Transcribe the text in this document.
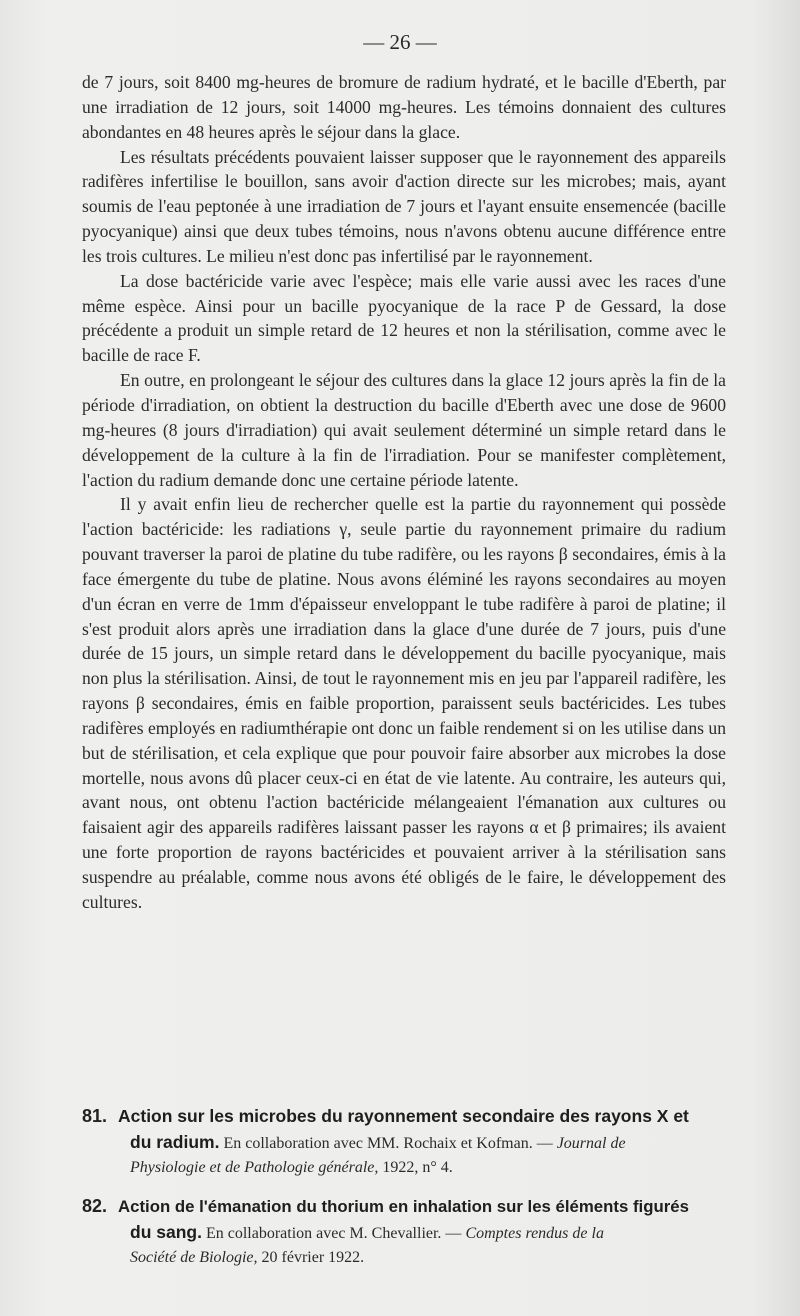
— 26 —

de 7 jours, soit 8400 mg-heures de bromure de radium hydraté, et le bacille d'Eberth, par une irradiation de 12 jours, soit 14000 mg-heures. Les témoins donnaient des cultures abondantes en 48 heures après le séjour dans la glace.

Les résultats précédents pouvaient laisser supposer que le rayonnement des appareils radifères infertilise le bouillon, sans avoir d'action directe sur les microbes; mais, ayant soumis de l'eau peptonée à une irradiation de 7 jours et l'ayant ensuite ensemencée (bacille pyocyanique) ainsi que deux tubes témoins, nous n'avons obtenu aucune différence entre les trois cultures. Le milieu n'est donc pas infertilisé par le rayonnement.

La dose bactéricide varie avec l'espèce; mais elle varie aussi avec les races d'une même espèce. Ainsi pour un bacille pyocyanique de la race P de Gessard, la dose précédente a produit un simple retard de 12 heures et non la stérilisation, comme avec le bacille de race F.

En outre, en prolongeant le séjour des cultures dans la glace 12 jours après la fin de la période d'irradiation, on obtient la destruction du bacille d'Eberth avec une dose de 9600 mg-heures (8 jours d'irradiation) qui avait seulement déterminé un simple retard dans le développement de la culture à la fin de l'irradiation. Pour se manifester complètement, l'action du radium demande donc une certaine période latente.

Il y avait enfin lieu de rechercher quelle est la partie du rayonnement qui possède l'action bactéricide: les radiations γ, seule partie du rayonnement primaire du radium pouvant traverser la paroi de platine du tube radifère, ou les rayons β secondaires, émis à la face émergente du tube de platine. Nous avons éléminé les rayons secondaires au moyen d'un écran en verre de 1mm d'épaisseur enveloppant le tube radifère à paroi de platine; il s'est produit alors après une irradiation dans la glace d'une durée de 7 jours, puis d'une durée de 15 jours, un simple retard dans le développement du bacille pyocyanique, mais non plus la stérilisation. Ainsi, de tout le rayonnement mis en jeu par l'appareil radifère, les rayons β secondaires, émis en faible proportion, paraissent seuls bactéricides. Les tubes radifères employés en radiumthérapie ont donc un faible rendement si on les utilise dans un but de stérilisation, et cela explique que pour pouvoir faire absorber aux microbes la dose mortelle, nous avons dû placer ceux-ci en état de vie latente. Au contraire, les auteurs qui, avant nous, ont obtenu l'action bactéricide mélangeaient l'émanation aux cultures ou faisaient agir des appareils radifères laissant passer les rayons α et β primaires; ils avaient une forte proportion de rayons bactéricides et pouvaient arriver à la stérilisation sans suspendre au préalable, comme nous avons été obligés de le faire, le développement des cultures.

81. Action sur les microbes du rayonnement secondaire des rayons X et
du radium. En collaboration avec MM. Rochaix et Kofman. — Journal de
Physiologie et de Pathologie générale, 1922, n° 4.
82. Action de l'émanation du thorium en inhalation sur les éléments figurés
du sang. En collaboration avec M. Chevallier. — Comptes rendus de la
Société de Biologie, 20 février 1922.
